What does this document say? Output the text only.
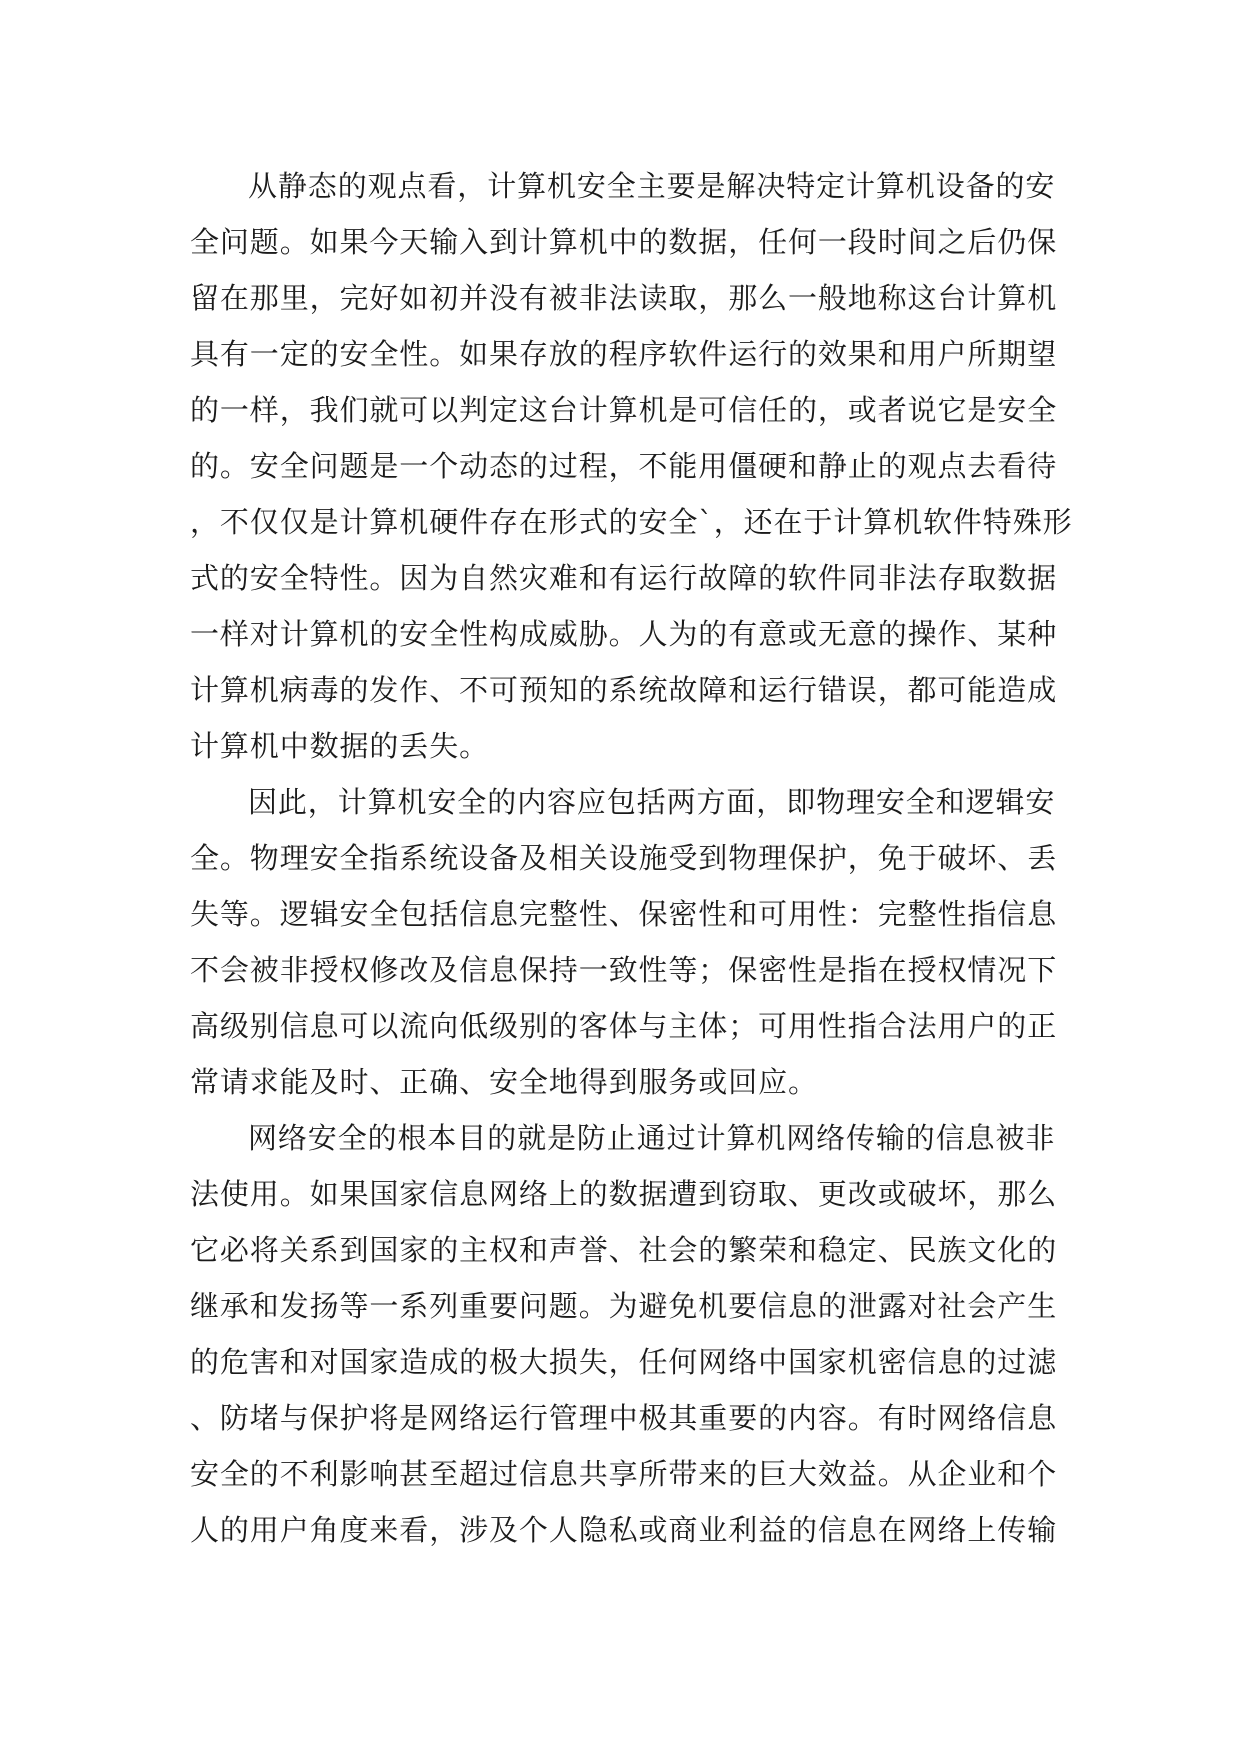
从静态的观点看，计算机安全主要是解决特定计算机设备的安
全问题。如果今天输入到计算机中的数据，任何一段时间之后仍保
留在那里，完好如初并没有被非法读取，那么一般地称这台计算机
具有一定的安全性。如果存放的程序软件运行的效果和用户所期望
的一样，我们就可以判定这台计算机是可信任的，或者说它是安全
的。安全问题是一个动态的过程，不能用僵硬和静止的观点去看待
，不仅仅是计算机硬件存在形式的安全`，还在于计算机软件特殊形
式的安全特性。因为自然灾难和有运行故障的软件同非法存取数据
一样对计算机的安全性构成威胁。人为的有意或无意的操作、某种
计算机病毒的发作、不可预知的系统故障和运行错误，都可能造成
计算机中数据的丢失。
因此，计算机安全的内容应包括两方面，即物理安全和逻辑安
全。物理安全指系统设备及相关设施受到物理保护，免于破坏、丢
失等。逻辑安全包括信息完整性、保密性和可用性：完整性指信息
不会被非授权修改及信息保持一致性等；保密性是指在授权情况下
高级别信息可以流向低级别的客体与主体；可用性指合法用户的正
常请求能及时、正确、安全地得到服务或回应。
网络安全的根本目的就是防止通过计算机网络传输的信息被非
法使用。如果国家信息网络上的数据遭到窃取、更改或破坏，那么
它必将关系到国家的主权和声誉、社会的繁荣和稳定、民族文化的
继承和发扬等一系列重要问题。为避免机要信息的泄露对社会产生
的危害和对国家造成的极大损失，任何网络中国家机密信息的过滤
、防堵与保护将是网络运行管理中极其重要的内容。有时网络信息
安全的不利影响甚至超过信息共享所带来的巨大效益。从企业和个
人的用户角度来看，涉及个人隐私或商业利益的信息在网络上传输
